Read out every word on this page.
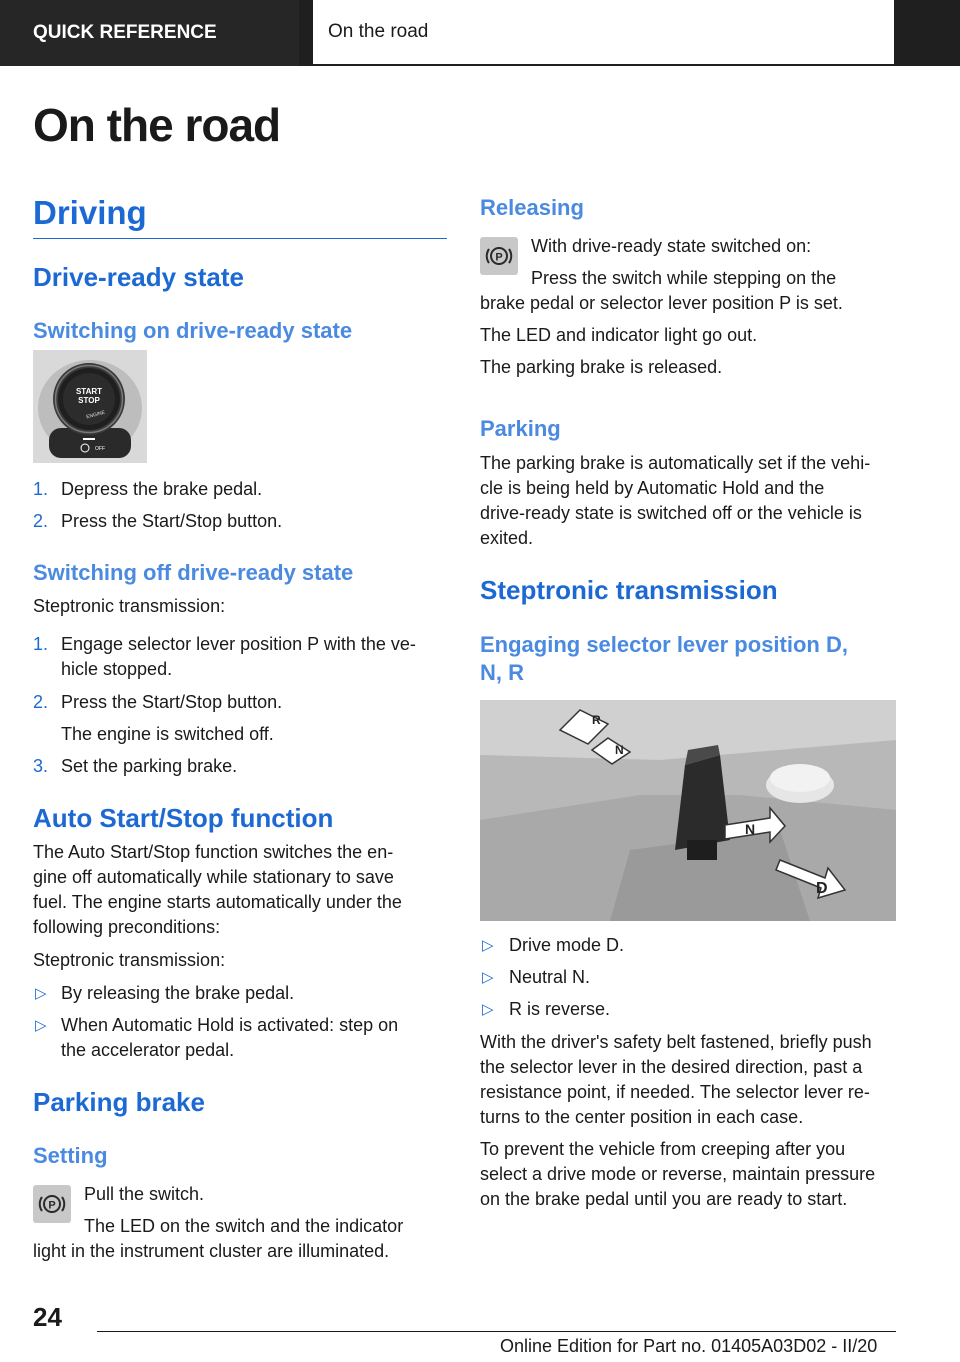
QUICK REFERENCE	On the road
On the road
Driving
Drive-ready state
Switching on drive-ready state
START
STOP
ENGINE
OFF
1. Depress the brake pedal.

2. Press the Start/Stop button.

Switching off drive-ready state

Steptronic transmission:

1. Engage selector lever position P with the ve-

hicle stopped.

2. Press the Start/Stop button.

The engine is switched off.

3. Set the parking brake.

Auto Start/Stop function

The Auto Start/Stop function switches the en-

gine off automatically while stationary to save

fuel. The engine starts automatically under the

following preconditions:

Steptronic transmission:

▷ By releasing the brake pedal.

▷ When Automatic Hold is activated: step on

the accelerator pedal.

Parking brake
Setting
P

Pull the switch.

The LED on the switch and the indicator

light in the instrument cluster are illuminated.

Releasing
P

With drive-ready state switched on:

Press the switch while stepping on the

brake pedal or selector lever position P is set.

The LED and indicator light go out.

The parking brake is released.

Parking

The parking brake is automatically set if the vehi-

cle is being held by Automatic Hold and the

drive-ready state is switched off or the vehicle is

exited.

Steptronic transmission
Engaging selector lever position D,
N, R
R
N
N
D
▷ Drive mode D.

▷ Neutral N.

▷ R is reverse.

With the driver's safety belt fastened, briefly push

the selector lever in the desired direction, past a

resistance point, if needed. The selector lever re-

turns to the center position in each case.

To prevent the vehicle from creeping after you

select a drive mode or reverse, maintain pressure

on the brake pedal until you are ready to start.

24
Online Edition for Part no. 01405A03D02 - II/20
